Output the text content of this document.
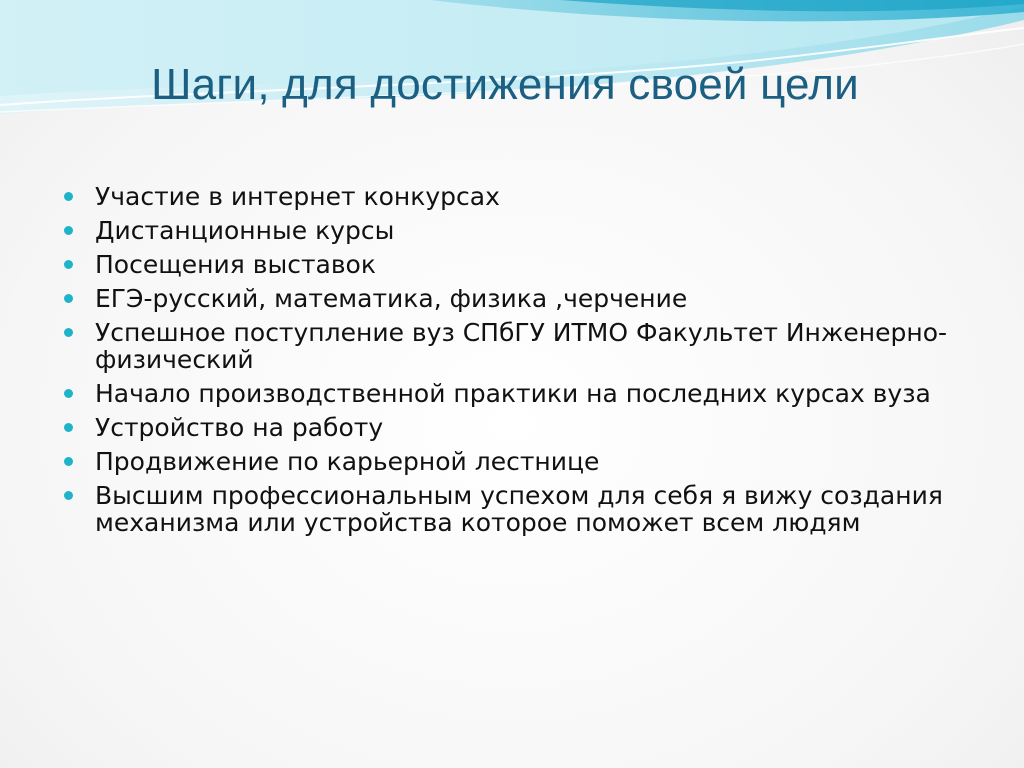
Шаги, для достижения своей цели
Участие в интернет конкурсах
Дистанционные курсы
Посещения выставок
ЕГЭ-русский, математика, физика ,черчение
Успешное поступление вуз СПбГУ ИТМО Факультет Инженерно-физический
Начало производственной практики на последних курсах вуза
Устройство на работу
Продвижение по карьерной лестнице
Высшим профессиональным успехом для себя я вижу создания механизма или устройства которое поможет всем людям
